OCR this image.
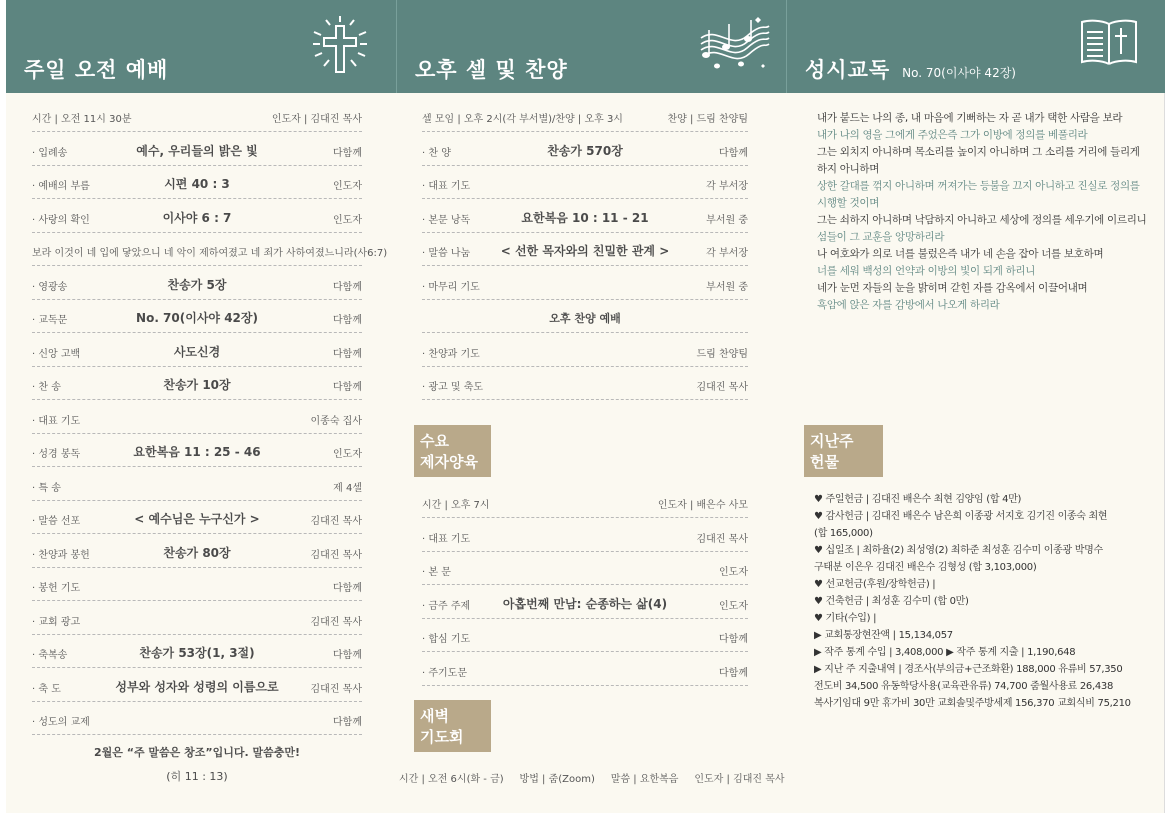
주일 오전 예배	오후 셀 및 찬양	성시교독 No. 70(이사야 42장)
시간 | 오전 11시 30분	인도자 | 김대진 목사
· 입례송	예수, 우리들의 밝은 빛	다함께
· 예배의 부름	시편 40 : 3	인도자
· 사랑의 확인	이사야 6 : 7	인도자
보라 이것이 네 입에 닿았으니 네 악이 제하여졌고 네 죄가 사하여졌느니라(사6:7)
· 영광송	찬송가 5장	다함께
· 교독문	No. 70(이사야 42장)	다함께
· 신앙 고백	사도신경	다함께
· 찬 송	찬송가 10장	다함께
· 대표 기도	이종숙 집사
· 성경 봉독	요한복음 11 : 25 - 46	인도자
· 특 송	제 4셀
· 말씀 선포	< 예수님은 누구신가 >	김대진 목사
· 찬양과 봉헌	찬송가 80장	김대진 목사
· 봉헌 기도	다함께
· 교회 광고	김대진 목사
· 축복송	찬송가 53장(1, 3절)	다함께
· 축 도	성부와 성자와 성령의 이름으로	김대진 목사
· 성도의 교제	다함께
2월은 “주 말씀은 창조”입니다. 말씀충만!
(히 11 : 13)
셀 모임 | 오후 2시(각 부서별)/찬양 | 오후 3시	찬양 | 드림 찬양팀
· 찬 양	찬송가 570장	다함께
· 대표 기도	각 부서장
· 본문 낭독	요한복음 10 : 11 - 21	부서원 중
· 말씀 나눔	< 선한 목자와의 친밀한 관계 >	각 부서장
· 마무리 기도	부서원 중
오후 찬양 예배
· 찬양과 기도	드림 찬양팀
· 광고 및 축도	김대진 목사
수요
제자양육
시간 | 오후 7시	인도자 | 배은수 사모
· 대표 기도	김대진 목사
· 본 문	인도자
· 금주 주제	아홉번째 만남: 순종하는 삶(4)	인도자
· 합심 기도	다함께
· 주기도문	다함께
새벽
기도회
시간 | 오전 6시(화 - 금)     방법 | 줌(Zoom)     말씀 | 요한복음     인도자 | 김대진 목사

내가 붙드는 나의 종, 내 마음에 기뻐하는 자 곧 내가 택한 사람을 보라

내가 나의 영을 그에게 주었은즉 그가 이방에 정의를 베풀리라

그는 외치지 아니하며 목소리를 높이지 아니하며 그 소리를 거리에 들리게

하지 아니하며

상한 갈대를 꺾지 아니하며 꺼져가는 등불을 끄지 아니하고 진실로 정의를

시행할 것이며

그는 쇠하지 아니하며 낙담하지 아니하고 세상에 정의를 세우기에 이르리니

섬들이 그 교훈을 앙망하리라

나 여호와가 의로 너를 불렀은즉 내가 네 손을 잡아 너를 보호하며

너를 세워 백성의 언약과 이방의 빛이 되게 하리니

네가 눈먼 자들의 눈을 밝히며 갇힌 자를 감옥에서 이끌어내며

흑암에 앉은 자를 감방에서 나오게 하리라

지난주
헌물

♥ 주일헌금 | 김대진 배은수 최현 김양임 (합 4만)

♥ 감사헌금 | 김대진 배은수 남은희 이종광 서지호 김기진 이종숙 최현

(합 165,000)

♥ 십일조 | 최하율(2) 최성영(2) 최하준 최성훈 김수미 이종광 박명수

구태분 이은우 김대진 배은수 김형성 (합 3,103,000)

♥ 선교헌금(후원/장학헌금) |

♥ 건축헌금 | 최성훈 김수미 (합 0만)

♥ 기타(수입) |

▶ 교회통장현잔액 | 15,134,057

▶ 작주 통계 수입 | 3,408,000 ▶ 작주 통계 지출 | 1,190,648

▶ 지난 주 지출내역 | 경조사(부의금+근조화환) 188,000 유류비 57,350

전도비 34,500 유동학당사용(교육관유류) 74,700 줌월사용료 26,438

복사기임대 9만 휴가비 30만 교회솔및주방세제 156,370 교회식비 75,210
